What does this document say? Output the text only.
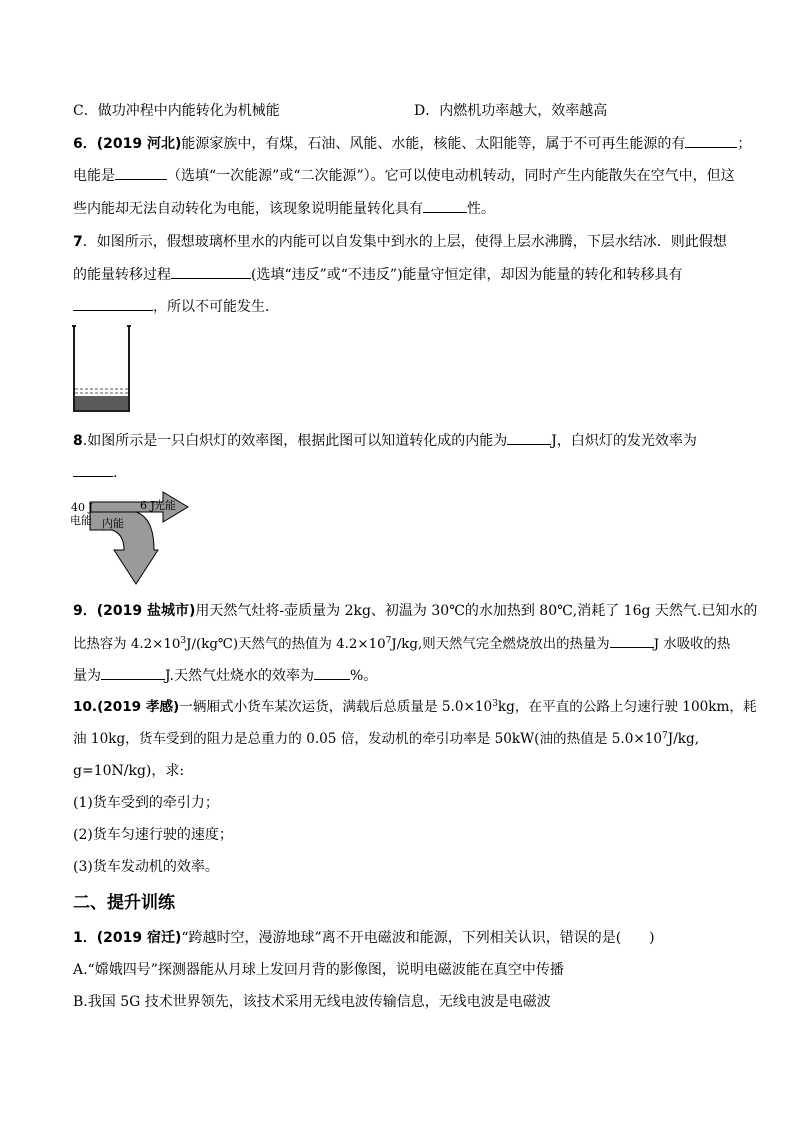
C．做功冲程中内能转化为机械能	D．内燃机功率越大，效率越高
6．(2019 河北)能源家族中，有煤，石油、风能、水能，核能、太阳能等，属于不可再生能源的有	；
电能是	（选填“一次能源”或“二次能源”）。它可以使电动机转动，同时产生内能散失在空气中，但这
些内能却无法自动转化为电能，该现象说明能量转化具有	性。
7．如图所示，假想玻璃杯里水的内能可以自发集中到水的上层，使得上层水沸腾，下层水结冰．则此假想
的能量转移过程	(选填“违反”或“不违反”)能量守恒定律，却因为能量的转化和转移具有
，所以不可能发生．
8.如图所示是一只白炽灯的效率图，根据此图可以知道转化成的内能为	J，白炽灯的发光效率为
.
40 J
电能
6 J 光能
内能
9．(2019 盐城市)用天然气灶将-壶质量为 2kg、初温为 30℃的水加热到 80℃,消耗了 16g 天然气.已知水的
比热容为 $4.2\times 10^3J/(kg℃)$天然气的热值为 $4.2\times 10^7J/kg$,则天然气完全燃烧放出的热量为	J 水吸收的热
量为	J.天然气灶烧水的效率为	%。
10.(2019 孝感)一辆厢式小货车某次运货，满载后总质量是 $5.0\times 10^3kg$，在平直的公路上匀速行驶 100km，耗
油 10kg，货车受到的阻力是总重力的 0.05 倍，发动机的牵引功率是 50kW(油的热值是 $5.0\times 10^7J/kg$,
g=10N/kg)，求:
(1)货车受到的牵引力；
(2)货车匀速行驶的速度；
(3)货车发动机的效率。
二、提升训练
1．(2019 宿迁)“跨越时空，漫游地球”离不开电磁波和能源，下列相关认识，错误的是(　　)
A.“嫦娥四号”探测器能从月球上发回月背的影像图，说明电磁波能在真空中传播
B.我国 5G 技术世界领先，该技术采用无线电波传输信息，无线电波是电磁波
